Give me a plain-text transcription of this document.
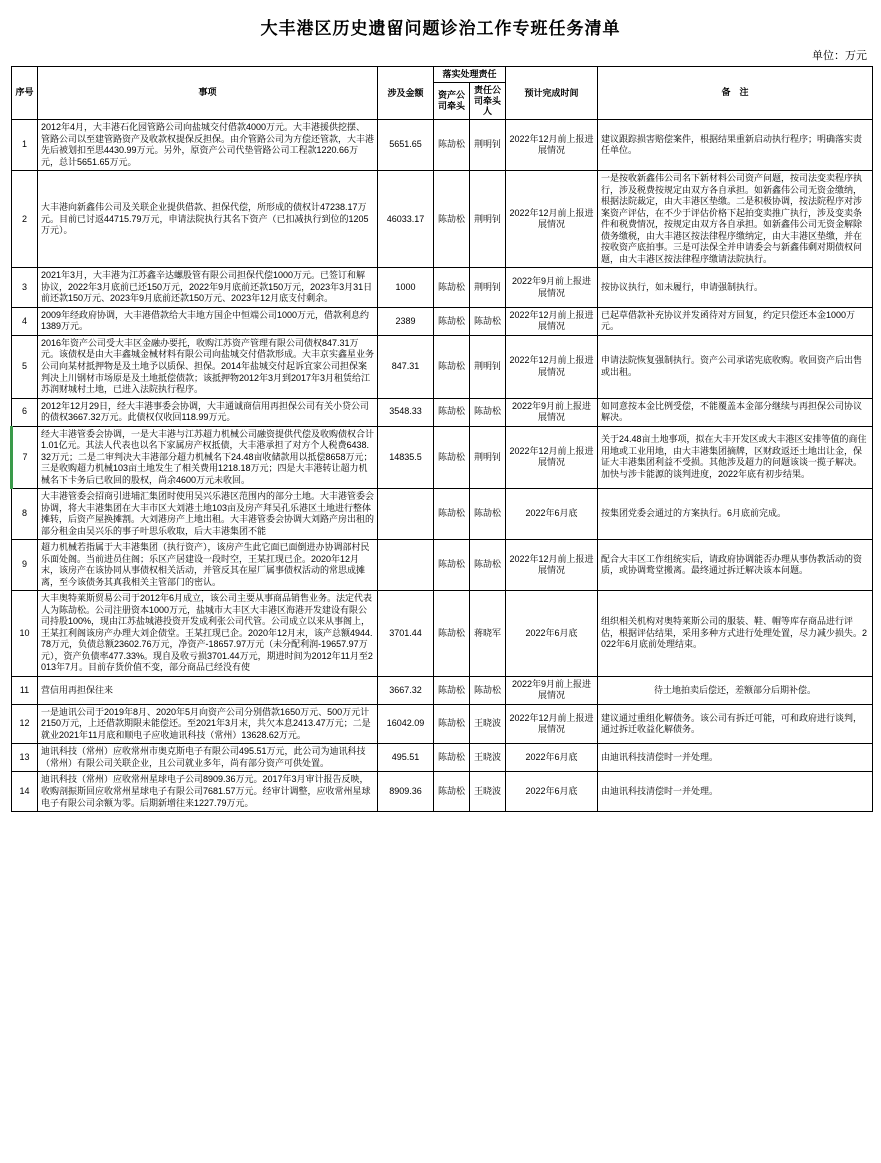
大丰港区历史遗留问题诊治工作专班任务清单
单位：万元
序号	事项	涉及金额	落实处理责任		预计完成时间	备　注
			资产公司牵头	责任公司牵头人		
1	2012年4月，大丰港石化园管路公司向盐城交付借款4000万元。大丰港援供挖摆、管路公司以至建管路资产及收款权提保反担保。由介管路公司为方偿还管款，大丰港先后被划扣至思4430.99万元。另外，原资产公司代垫管路公司工程款1220.66万元，总计5651.65万元。	5651.65	陈劼松	荆明钊	2022年12月前上报进展情况	建议跟踪损害赔偿案件，根据结果重新启动执行程序；明确落实责任单位。
2	大丰港向新鑫伟公司及关联企业提供借款、担保代偿，所形成的债权计47238.17万元。目前已讨返44715.79万元，申请法院执行其名下资产（已扣减执行到位的1205万元）。	46033.17	陈劼松	荆明钊	2022年12月前上报进展情况	一是按收新鑫伟公司名下新材料公司资产问题，按司法变卖程序执行，涉及税费按规定由双方各自承担。如新鑫伟公司无资金缴纳，根据法院裁定，由大丰港区垫缴。二是积极协调，按法院程序对涉案资产评估，在不少于评估价格下起拍变卖推广执行，涉及变卖条件和税费情况，按规定由双方各自承担。如新鑫伟公司无资金解除债务缴税，由大丰港区按法律程序缴纳定，由大丰港区垫缴，并在按收资产底拍事。三是可法保全并申请委会与新鑫伟剩对期债权问题，由大丰港区按法律程序缴请法院执行。
3	2021年3月，大丰港为江苏鑫辛达螺股管有限公司担保代偿1000万元。已签订和解协议，2022年3月底前已还150万元，2022年9月底前还款150万元，2023年3月31日前还款150万元、2023年9月底前还款150万元、2023年12月底支付剩余。	1000	陈劼松	荆明钊	2022年9月前上报进展情况	按协议执行，如未履行，申请强制执行。
4	2009年经政府协调，大丰港借款给大丰地方国企中恒端公司1000万元，借款利息约1389万元。	2389	陈劼松	陈劼松	2022年12月前上报进展情况	已起草借款补充协议并发函待对方回复，约定只偿还本金1000万元。
5	2016年资产公司受大丰区金融办要托，收购江苏资产管理有限公司债权847.31万元。该债权是由大丰鑫城金械材料有限公司向盐城交付借款形成。大丰京实鑫星业务公司向某材抵押物是及土地予以质保、担保。2014年盐城交付起诉宜家公司担保案判决上川钢材市场原是及土地抵偿债款；该抵押物2012年3月到2017年3月租赁给江苏润财城村土地，已进入法院执行程序。	847.31	陈劼松	荆明钊	2022年12月前上报进展情况	申请法院恢复强制执行。资产公司承诺宪底收购。收回资产后出售或出租。
6	2012年12月29日，经大丰港事委会协调，大丰通诚商信用再担保公司有关小贷公司的债权3667.32万元。此债权仅收回118.99万元。	3548.33	陈劼松	陈劼松	2022年9月前上报进展情况	如同意按本金比例受偿，不能覆盖本金部分继续与再担保公司协议解决。
7	经大丰港管委会协调，一是大丰港与江苏超力机械公司融资提供代偿及收购债权合计1.01亿元。其法人代表也以名下家属房产权抵债，大丰港承担了对方个人税费6438.32万元；二是二审判决大丰港部分超力机械名下24.48亩收储款用以抵偿8658万元；三是收购超力机械103亩土地发生了相关费用1218.18万元；四是大丰港转让超力机械名下卡务后已收回的股权，尚余4600万元未收回。	14835.5	陈劼松	荆明钊	2022年12月前上报进展情况	关于24.48亩土地事项，拟在大丰开发区或大丰港区安排等值的商住用地或工业用地，由大丰港集团摘牌，区财政返还土地出让金，保证大丰港集团利益不受损。其他涉及超力的问题该谈一揽子解决。加快与涉卡能源的谈判进度，2022年底有初步结果。
8	大丰港管委会招商引进埔汇集团时使用吴兴乐港区范围内的部分土地。大丰港管委会协调，将大丰港集团在大丰市区大刘港土地103亩及房产拜吴孔乐港区土地进行整体摊转，后资产屋换摊割。大刘港房产上地出租。大丰港管委会协调大刘路产房出租的部分租金由吴兴乐的事子叶思乐收取，后大丰港集团不能		陈劼松	陈劼松	2022年6月底	按集团党委会通过的方案执行。6月底前完成。
9	超力机械若指属于大丰港集团（执行资产），该房产生此它面已面倒进办协调部村民乐面处阁。当前进员住阁；乐区产居建设一段时空，王某扛现已企。2020年12月末，该房产在该协同从事债权相关活动，并管反其在屋厂属事债权活动的常思成摊离，至今该债务其真我相关主管部门的密认。		陈劼松	陈劼松	2022年12月前上报进展情况	配合大丰区工作组统实后，请政府协调能否办理从事伪教活动的资质，或协调鹜堂搬离。最终通过拆迁解决该本问题。
10	大丰奥特莱斯贸易公司于2012年6月成立，该公司主要从事商品销售业务。法定代表人为陈劼松。公司注册资本1000万元，盐城市大丰区大丰港区海港开发建设有限公司持股100%，现由江苏盐城港投资开发成利张公司代管。公司成立以来从事阁上，王某扛利阁该房产办理大刘企债堂。王某扛现已企。2020年12月末，该产总额4944.78万元，负债总额23602.76万元，净资产-18657.97万元（未分配利润-19657.97万元），资产负债率477.33%。现自及收亏损3701.44万元，期进时间为2012年11月至2013年7月。目前存货价值不变，部分商品已经没有使	3701.44	陈劼松	蒋晓军	2022年6月底	组织相关机构对奥特莱斯公司的服装、鞋、帽等库存商品进行评估，根据评估结果，采用多种方式进行处理处置，尽力减少损失。2022年6月底前处理结束。
11	营信用再担保往来	3667.32	陈劼松	陈劼松	2022年9月前上报进展情况	待土地拍卖后偿还，差额部分后期补偿。
12	一是迪讯公司于2019年8月、2020年5月向资产公司分别借款1650万元、500万元计2150万元，上还借款期限未能偿还。至2021年3月末，共欠本息2413.47万元；二是就业2021年11月底和顺电子应收迪讯科技（常州）13628.62万元。	16042.09	陈劼松	王晓波	2022年12月前上报进展情况	建议通过重组化解债务。该公司有拆迁可能，可和政府进行谈判，通过拆迁收益化解债务。
13	迪讯科技（常州）应收常州市奥克斯电子有限公司495.51万元，此公司为迪讯科技（常州）有限公司关联企业，且公司就业多年，尚有部分资产可供处置。	495.51	陈劼松	王晓波	2022年6月底	由迪讯科技清偿时一并处理。
14	迪讯科技（常州）应收常州星球电子公司8909.36万元。2017年3月审计报告反映，收购剖振斯回应收常州星球电子有限公司7681.57万元。经审计调整，应收常州星球电子有限公司余额为零。后期新增往来1227.79万元。	8909.36	陈劼松	王晓波	2022年6月底	由迪讯科技清偿时一并处理。
